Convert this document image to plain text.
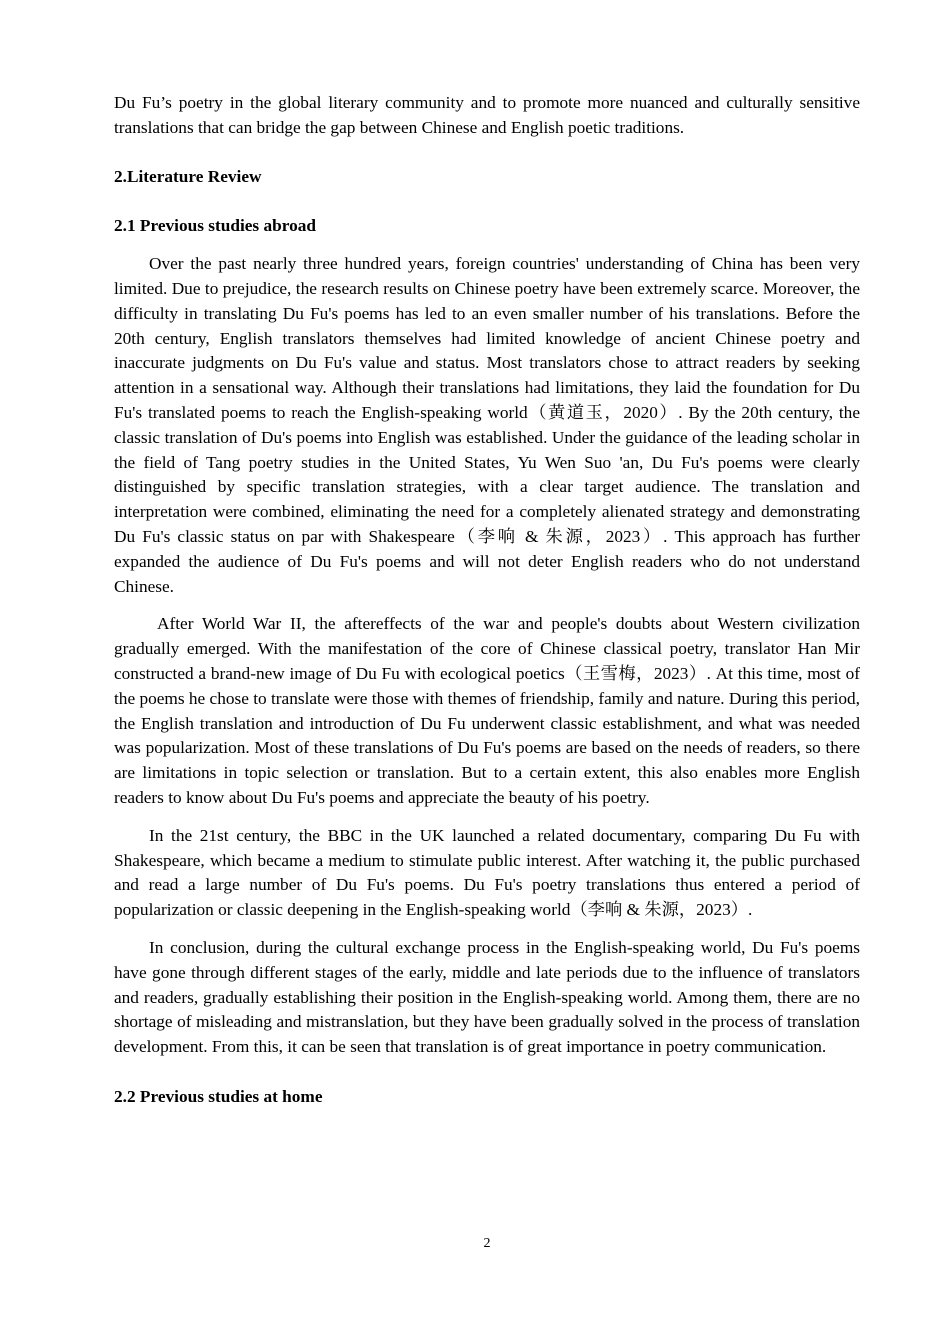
Du Fu’s poetry in the global literary community and to promote more nuanced and culturally sensitive translations that can bridge the gap between Chinese and English poetic traditions.

2.Literature Review
2.1 Previous studies abroad

Over the past nearly three hundred years, foreign countries' understanding of China has been very limited. Due to prejudice, the research results on Chinese poetry have been extremely scarce. Moreover, the difficulty in translating Du Fu's poems has led to an even smaller number of his translations. Before the 20th century, English translators themselves had limited knowledge of ancient Chinese poetry and inaccurate judgments on Du Fu's value and status. Most translators chose to attract readers by seeking attention in a sensational way. Although their translations had limitations, they laid the foundation for Du Fu's translated poems to reach the English-speaking world（黄道玉，2020）. By the 20th century, the classic translation of Du's poems into English was established. Under the guidance of the leading scholar in the field of Tang poetry studies in the United States, Yu Wen Suo 'an, Du Fu's poems were clearly distinguished by specific translation strategies, with a clear target audience. The translation and interpretation were combined, eliminating the need for a completely alienated strategy and demonstrating Du Fu's classic status on par with Shakespeare（李响 & 朱源，2023）. This approach has further expanded the audience of Du Fu's poems and will not deter English readers who do not understand Chinese.

After World War II, the aftereffects of the war and people's doubts about Western civilization gradually emerged. With the manifestation of the core of Chinese classical poetry, translator Han Mir constructed a brand-new image of Du Fu with ecological poetics（王雪梅，2023）. At this time, most of the poems he chose to translate were those with themes of friendship, family and nature. During this period, the English translation and introduction of Du Fu underwent classic establishment, and what was needed was popularization. Most of these translations of Du Fu's poems are based on the needs of readers, so there are limitations in topic selection or translation. But to a certain extent, this also enables more English readers to know about Du Fu's poems and appreciate the beauty of his poetry.

In the 21st century, the BBC in the UK launched a related documentary, comparing Du Fu with Shakespeare, which became a medium to stimulate public interest. After watching it, the public purchased and read a large number of Du Fu's poems. Du Fu's poetry translations thus entered a period of popularization or classic deepening in the English-speaking world（李响 & 朱源，2023）.

In conclusion, during the cultural exchange process in the English-speaking world, Du Fu's poems have gone through different stages of the early, middle and late periods due to the influence of translators and readers, gradually establishing their position in the English-speaking world. Among them, there are no shortage of misleading and mistranslation, but they have been gradually solved in the process of translation development. From this, it can be seen that translation is of great importance in poetry communication.

2.2 Previous studies at home
2
